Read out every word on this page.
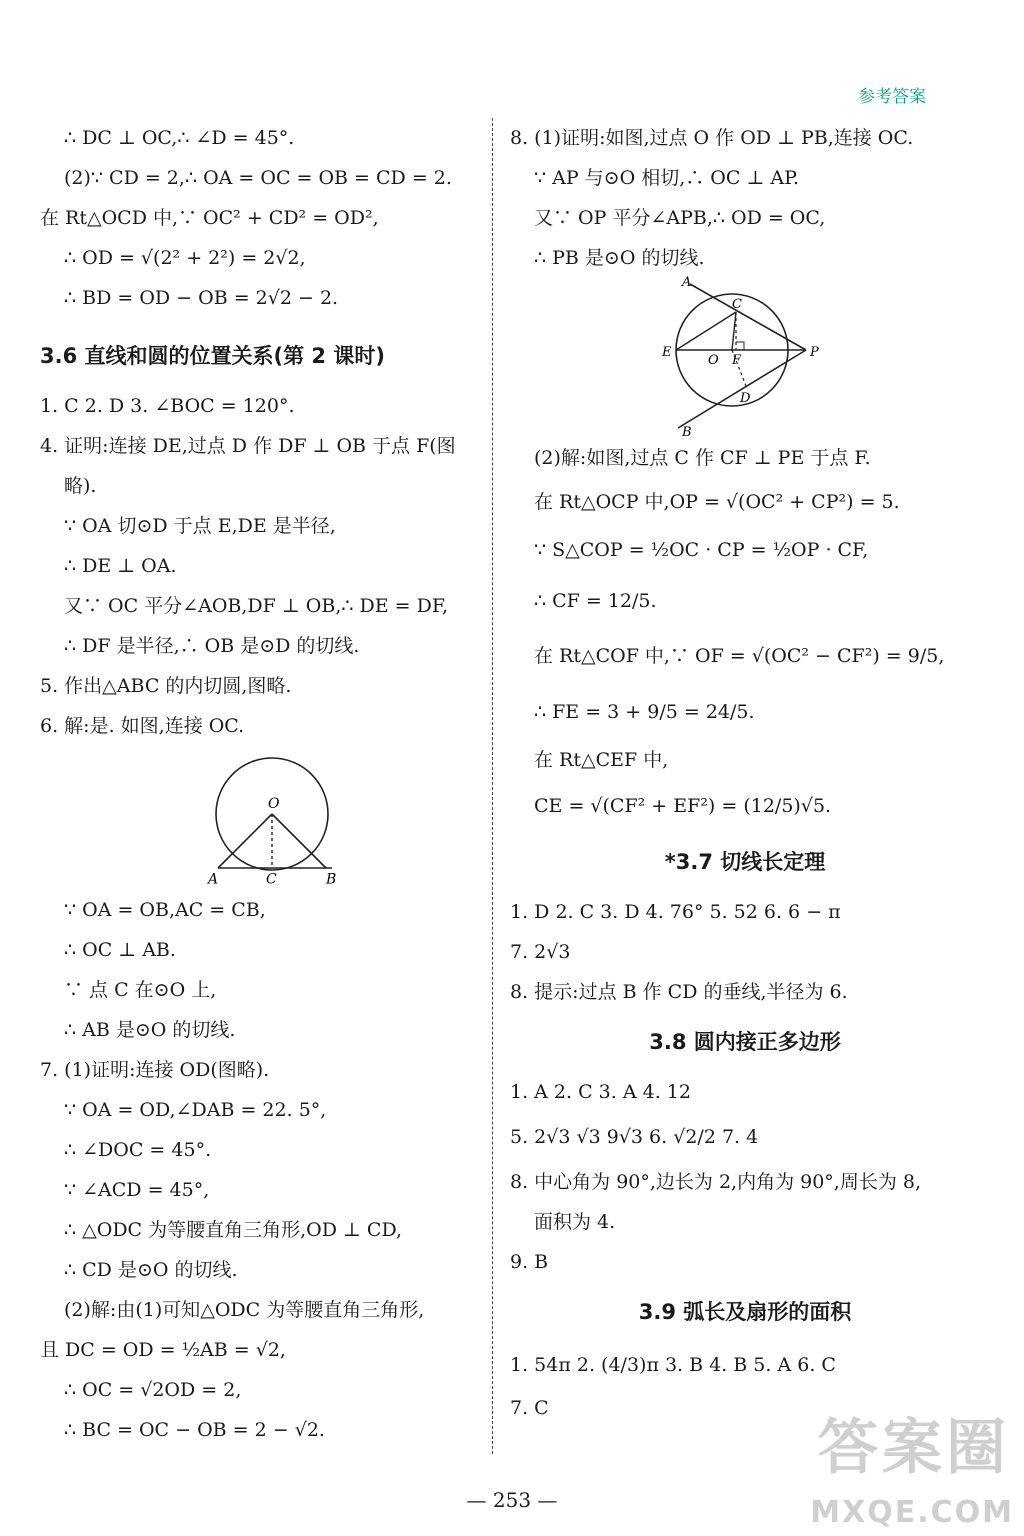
参考答案
∴ DC ⊥ OC,∴ ∠D = 45°.
(2)∵ CD = 2,∴ OA = OC = OB = CD = 2.
在 Rt△OCD 中,∵ OC² + CD² = OD²,
∴ OD = √(2² + 2²) = 2√2,
∴ BD = OD − OB = 2√2 − 2.
3.6 直线和圆的位置关系(第 2 课时)
1. C 2. D 3. ∠BOC = 120°.
4. 证明:连接 DE,过点 D 作 DF ⊥ OB 于点 F(图
略).
∵ OA 切⊙D 于点 E,DE 是半径,
∴ DE ⊥ OA.
又∵ OC 平分∠AOB,DF ⊥ OB,∴ DE = DF,
∴ DF 是半径,∴ OB 是⊙D 的切线.
5. 作出△ABC 的内切圆,图略.
6. 解:是. 如图,连接 OC.
O
A	C	B
∵ OA = OB,AC = CB,
∴ OC ⊥ AB.
∵ 点 C 在⊙O 上,
∴ AB 是⊙O 的切线.
7. (1)证明:连接 OD(图略).
∵ OA = OD,∠DAB = 22. 5°,
∴ ∠DOC = 45°.
∵ ∠ACD = 45°,
∴ △ODC 为等腰直角三角形,OD ⊥ CD,
∴ CD 是⊙O 的切线.
(2)解:由(1)可知△ODC 为等腰直角三角形,
且 DC = OD = ½AB = √2,
∴ OC = √2OD = 2,
∴ BC = OC − OB = 2 − √2.
8. (1)证明:如图,过点 O 作 OD ⊥ PB,连接 OC.
∵ AP 与⊙O 相切,∴ OC ⊥ AP.
又∵ OP 平分∠APB,∴ OD = OC,
∴ PB 是⊙O 的切线.
A
C
E
O F
P
D
B
(2)解:如图,过点 C 作 CF ⊥ PE 于点 F.
在 Rt△OCP 中,OP = √(OC² + CP²) = 5.
∵ S△COP = ½OC · CP = ½OP · CF,
∴ CF = 12/5.
在 Rt△COF 中,∵ OF = √(OC² − CF²) = 9/5,
∴ FE = 3 + 9/5 = 24/5.
在 Rt△CEF 中,
CE = √(CF² + EF²) = (12/5)√5.
*3.7 切线长定理
1. D 2. C 3. D 4. 76° 5. 52 6. 6 − π
7. 2√3
8. 提示:过点 B 作 CD 的垂线,半径为 6.
3.8 圆内接正多边形
1. A 2. C 3. A 4. 12
5. 2√3 √3 9√3 6. √2/2 7. 4
8. 中心角为 90°,边长为 2,内角为 90°,周长为 8,
面积为 4.
9. B
3.9 弧长及扇形的面积
1. 54π 2. (4/3)π 3. B 4. B 5. A 6. C
7. C
— 253 —
答案圈
MXQE.COM
